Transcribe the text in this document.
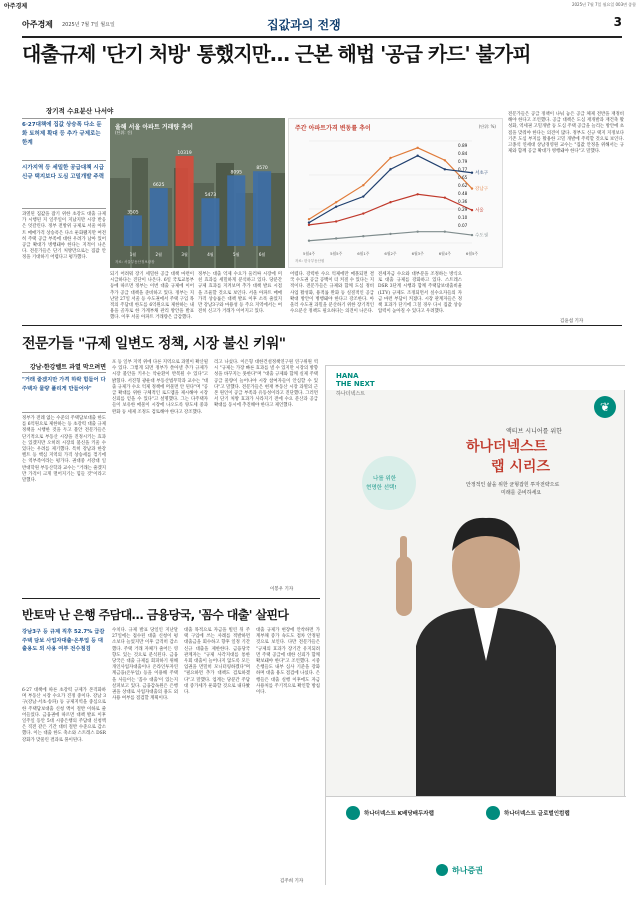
아주경제	2025년 7월 7일 월요일 003면 종합
아주경제 2025년 7월 7일 월요일	집값과의 전쟁	3
대출규제 '단기 처방' 통했지만… 근본 해법 '공급 카드' 불가피
장기적 수요분산 나서야
6·27대책에 집값 상승폭 다소 둔화 토허제 확대 등 추가 규제로는 한계
시가지역 등 세밀한 공급대책 시급 신규 택지보다 도심 고밀개발 주력
과열된 집값을 잡기 위한 초강도 대출 규제가 시행된 지 일주일이 지났지만 시장 반응은 엇갈린다. 정부 전방위 규제로 서울 아파트 매매가격 상승폭은 다소 둔화됐지만 여전히 주택 공급 부족에 대한 우려가 남아 있어 공급 확대가 병행돼야 한다는 지적이 나온다. 전문가들은 단기 처방만으로는 집값 안정을 기대하기 어렵다고 평가했다.
되기 어려워 장기 세밀한 공급 대책 마련이 시급하다는 진단이 나온다. 6일 국토교통부 등에 따르면 정부는 이번 대출 규제에 이어 추가 공급 대책을 준비하고 있다. 정부는 지난달 27일 서울 등 수도권에서 주택 구입 목적의 주담대 한도를 6억원으로 제한하는 내용을 골자로 한 가계부채 관리 방안을 발표했다. 이후 서울 아파트 거래량은 급감했다.
정부는 대출 억제 수요가 둘러싸 시장에 미친 효과를 세밀하게 분석하고 있다. 당분간 규제 효과를 지켜보며 추가 대책 발표 시점을 조율할 것으로 보인다. 서울 아파트 매매가격 상승률은 대책 발표 이후 소폭 줄었지만 강남3구와 마용성 등 주요 지역에서는 여전히 신고가 거래가 이어지고 있다.
어렵다. 강력한 수요 억제에만 매몰되면 결국 수도권 공급 공백이 더 커질 수 있다는 지적이다. 전문가들은 규제와 함께 도심 정비사업 활성화, 용적률 완화 등 실질적인 공급 확대 방안이 병행돼야 한다고 강조한다. 아울러 수도권 과밀을 분산하기 위한 장기적인 수요분산 정책도 필요하다는 의견이 나온다.
전세자금 수요와 대부분을 조정하는 방식으로 대출 규제를 강화하고 있다. 스트레스 DSR 3단계 시행과 함께 주택담보대출비율(LTV) 규제도 조정되면서 실수요자들의 자금 마련 부담이 커졌다. 시장 관계자들은 정책 효과가 단기에 그칠 경우 다시 집값 상승 압력이 높아질 수 있다고 우려했다.
전문가들은 공급 정책이 나눠 놓은 공급 체제 전반을 재정비해야 한다고 조언했다. 공급 대책은 도심 재개발과 재건축 활성화, 역세권 고밀개발 등 도심 주택 공급을 늘리는 방안에 초점을 맞춰야 한다는 의견이 많다. 정부도 신규 택지 지정보다 기존 도심 부지를 활용한 고밀 개발에 주력할 것으로 보인다. 고종석 연세대 상남경영원 교수는 "집값 안정을 위해서는 규제와 함께 공급 확대가 병행돼야 한다"고 말했다.
김윤섭 기자
올해 서울 아파트 거래량 추이
(단위: 건)
3505
1월
6625
2월
10319
3월
5473
4월
8095
5월
8570
6월
자료: 서울부동산정보광장
주간 아파트가격 변동률 추이	(단위: %)
서울
강남구
서초구
수도권
5월4주	5월5주	6월1주	6월2주	6월3주	6월4주	6월5주
0.89
0.84
0.79
0.77
0.65
0.62
0.48
0.36
0.29
0.10
0.07
자료: 한국부동산원
전문가들 "규제 일변도 정책, 시장 불신 키워"
강남·한강벨트 과열 막으려면
"거래 줄겠지만 가격 하락 힘들어 다주택자 물량 풀리게 만들어야"
정부가 전례 없는 수준의 주택담보대출 한도를 6억원으로 제한하는 등 초강력 대출 규제 정책을 시행한 것을 두고 불안 전문가들은 단기적으로 부동산 시장을 진정시키는 효과는 있겠지만 오히려 시장의 불신을 키울 수 있다는 우려를 제기했다. 특히 강남과 한강벨트 등 핵심 지역의 가격 상승세를 꺾기에는 역부족이라는 평가다. 권대중 서강대 일반대학원 부동산학과 교수는 "거래는 줄겠지만 가격이 크게 떨어지기는 힘들 것"이라고 말했다.
포 등 일부 지역 위에 다른 지역으로 과열이 확산될 수 있다. 그렇게 되면 정부가 쏟아낼 추가 규제가 시장 불안을 키우는 악순환이 반복될 수 있다"고 밝혔다. 서진형 광운대 부동산법무학과 교수는 "대출 규제가 수요 억제 정책에 머물면 안 된다"며 "공급 확대를 위한 구체적인 로드맵을 제시해야 시장 신뢰를 얻을 수 있다"고 설명했다. 그는 다주택자들이 보유한 매물이 시장에 나오도록 양도세 중과 완화 등 세제 조정도 검토해야 한다고 강조했다.
리고 나섰다. 이은형 대한건설정책연구원 연구위원 역시 "규제는 가장 빠른 효과를 낼 수 있지만 시장의 방향성을 바꾸지는 못한다"며 "대출 규제와 함께 실제 주택 공급 물량이 늘어나야 시장 참여자들이 안심할 수 있다"고 말했다. 전문가들은 현재 부동산 시장 과열의 근본 원인이 공급 부족과 유동성이라고 진단했다. 그러면서 단기 처방 효과가 사라지기 전에 수요 분산과 공급 확대를 동시에 추진해야 한다고 제언했다.
이봉우 기자
반토막 난 은행 주담대… 금융당국, '꼼수 대출' 살핀다
강남3구 등 규제 직후 52.7% 급감 주택 담보 사업자대출·온투업 등 대출용도 외 사용 여부 전수점검
6·27 대책에 따른 초강력 규제가 본격화하며 부동산 시장 수요가 진정 중이다. 강남 3구(강남·서초·송파) 등 규제지역을 중심으로 한 주택담보대출 신청 액이 절반 이하로 줄어들었다. 금융권에 따르면 대책 발표 이후 일주일 동안 5대 시중은행의 주담대 신청액은 직전 같은 기간 대비 절반 수준으로 감소했다. 이는 대출 한도 축소와 스트레스 DSR 강화가 맞물린 결과로 풀이된다.
수치다. 규제 발표 당일인 지난달 27일에는 접수된 대출 신청이 평소보다 늘었지만 이후 급격히 감소했다. 주택 거래 자체가 줄어든 영향도 있는 것으로 분석된다. 금융당국은 대출 규제를 회피하기 위해 개인사업자대출이나 온라인투자연계금융(온투업) 등을 이용해 주택을 사들이는 '꼼수 대출'이 있는지 살펴보고 있다. 금융감독원은 은행권을 상대로 사업자대출의 용도 외 사용 여부를 점검할 계획이다.
대출 목적으로 자금을 빌린 뒤 주택 구입에 쓰는 사례를 적발하면 대출금을 회수하고 향후 일정 기간 신규 대출을 제한한다. 금융당국 관계자는 "규제 사각지대를 통한 우회 대출이 늘어나지 않도록 모든 업권을 면밀히 모니터링하겠다"며 "필요하면 추가 대책도 검토하겠다"고 말했다. 업계는 당분간 주담대 증가세가 둔화할 것으로 내다봤다.
대출 규제가 현장에 안착하면 가계부채 증가 속도도 점차 안정될 것으로 보인다. 다만 전문가들은 "규제의 효과가 장기간 유지되려면 주택 공급에 대한 신뢰가 함께 확보돼야 한다"고 조언했다. 시중은행들도 내부 심사 기준을 강화하며 대출 용도 점검에 나섰다. 은행들은 대출 실행 이후에도 자금 사용처를 주기적으로 확인할 방침이다.
김주희 기자
HANA
THE NEXT
하나더넥스트
❦
액티브 시니어를 위한
하나더넥스트
랩 시리즈
안정적인 삶을 위한 균형잡힌 투자전략으로
미래를 준비하세요
나를 위한
현명한 선택!
하나더넥스트 K배당배두자랩	하나더넥스트 글로벌인컴랩
하나증권
